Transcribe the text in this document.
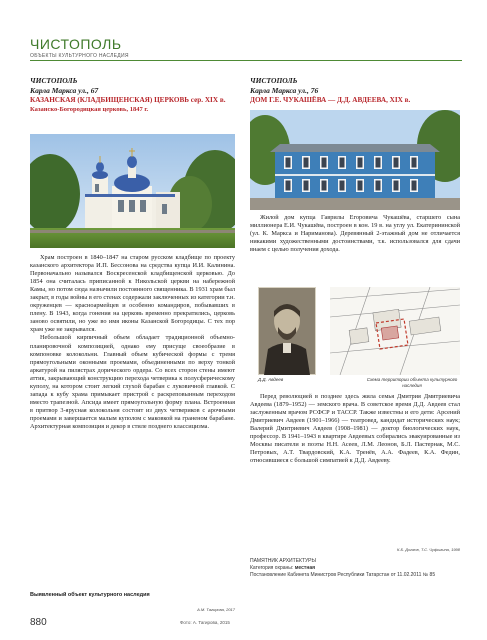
ЧИСТОПОЛЬ
ОБЪЕКТЫ КУЛЬТУРНОГО НАСЛЕДИЯ
ЧИСТОПОЛЬ
Карла Маркса ул., 67
КАЗАНСКАЯ (КЛАДБИЩЕНСКАЯ) ЦЕРКОВЬ сер. XIX в.
Казанско-Богородицкая церковь, 1847 г.

Храм построен в 1840–1847 на старом русском кладбище по проекту казанского архитектора И.П. Бессонова на средства купца И.И. Калинина. Первоначально назывался Воскресенской кладбищенской церковью. До 1854 она считалась приписанной к Никольской церкви на набережной Камы, но потом сюда назначили постоянного священника. В 1931 храм был закрыт, в годы войны в его стенах содержали заключенных из категории т.н. окруженцев — красноармейцев и особенно командиров, побывавших в плену. В 1943, когда гонения на церковь временно прекратились, церковь заново освятили, но уже во имя иконы Казанской Богородицы. С тех пор храм уже не закрывался.

Небольшой кирпичный объем обладает традиционной объемно-планировочной композицией, однако ему присуще своеобразие в компоновке колокольни. Главный объем кубической формы с тремя прямоугольными оконными проемами, объединенными по верху тонкой аркатурой на пилястрах дорического ордера. Со всех сторон стены имеют аттик, закрывающий конструкцию перехода четверика к полусферическому куполу, на котором стоит легкий глухой барабан с луковичной главкой. С запада к кубу храма примыкает пристрой с раскреповынным переходом вместо трапезной. Апсида имеет прямоугольную форму плана. Встроенная в притвор 3-ярусная колокольня состоит из двух четвериков с арочными проемами и завершается малым куполом с маковкой на граненом барабане. Архитектурная композиция и декор в стиле позднего классицизма.

А.М. Тагирова, 2017
Выявленный объект культурного наследия
ЧИСТОПОЛЬ
Карла Маркса ул., 76
ДОМ Г.Е. ЧУКАШЁВА — Д.Д. АВДЕЕВА, XIX в.

Жилой дом купца Гаврилы Егоровича Чукашёва, старшего сына миллионера Е.И. Чукашёва, построен в кон. 19 в. на углу ул. Екатерининской (ул. К. Маркса и Нариманова). Деревянный 2-этажный дом не отличается никакими художественными достоинствами, т.к. использовался для сдачи внаем с целью получения дохода.

Д.Д. Авдеев	Схема территории объекта культурного наследия

Перед революцией в позднее здесь жила семья Дмитрия Дмитриевича Авдеева (1879–1952) — земского врача. В советское время Д.Д. Авдеев стал заслуженным врачом РСФСР и ТАССР. Также известны и его дети: Арсений Дмитриевич Авдеев (1901–1966) — театровед, кандидат исторических наук; Валерий Дмитриевич Авдеев (1908–1981) — доктор биологических наук, профессор. В 1941–1943 в квартире Авдеевых собирались эвакуированные из Москвы писатели и поэты Н.Н. Асеев, Л.М. Леонов, Б.Л. Пастернак, М.С. Петровых, А.Т. Твардовский, К.А. Тренёв, А.А. Фадеев, К.А. Федин, относившиеся с большой симпатией к Д.Д. Авдееву.

К.Б. Долгов, Т.С. Чуфыгина, 1998
ПАМЯТНИК АРХИТЕКТУРЫ
Категория охраны: местная
Постановление Кабинета Министров Республики Татарстан от 11.02.2011 № 85
880	Фото: А. Тагирова, 2015
